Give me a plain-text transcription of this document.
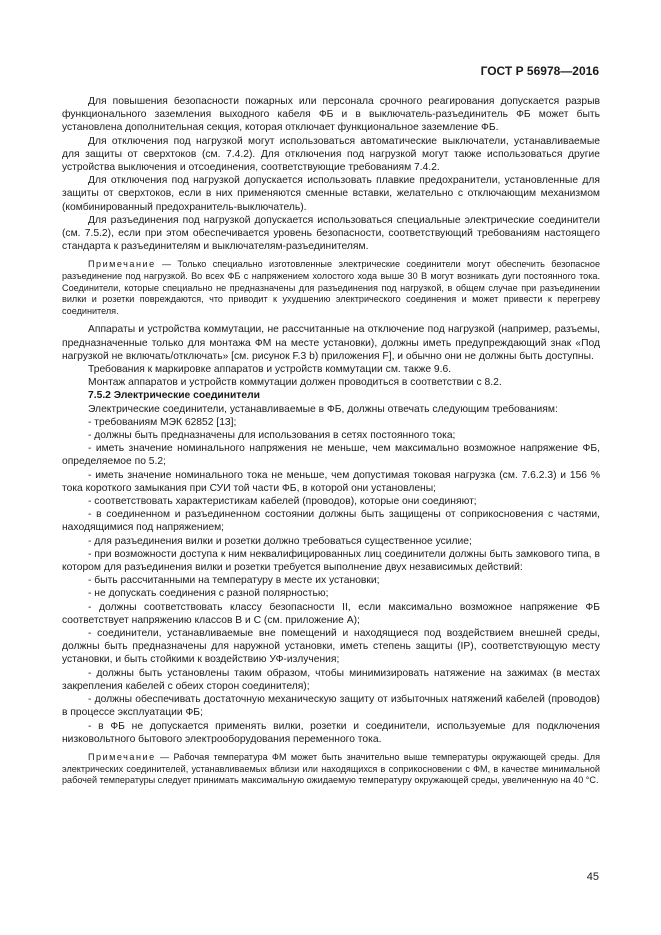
ГОСТ Р 56978—2016

Для повышения безопасности пожарных или персонала срочного реагирования допускается разрыв функционального заземления выходного кабеля ФБ и в выключатель-разъединитель ФБ может быть установлена дополнительная секция, которая отключает функциональное заземление ФБ.

Для отключения под нагрузкой могут использоваться автоматические выключатели, устанавливаемые для защиты от сверхтоков (см. 7.4.2). Для отключения под нагрузкой могут также использоваться другие устройства выключения и отсоединения, соответствующие требованиям 7.4.2.

Для отключения под нагрузкой допускается использовать плавкие предохранители, установленные для защиты от сверхтоков, если в них применяются сменные вставки, желательно с отключающим механизмом (комбинированный предохранитель-выключатель).

Для разъединения под нагрузкой допускается использоваться специальные электрические соединители (см. 7.5.2), если при этом обеспечивается уровень безопасности, соответствующий требованиям настоящего стандарта к разъединителям и выключателям-разъединителям.

Примечание — Только специально изготовленные электрические соединители могут обеспечить безопасное разъединение под нагрузкой. Во всех ФБ с напряжением холостого хода выше 30 В могут возникать дуги постоянного тока. Соединители, которые специально не предназначены для разъединения под нагрузкой, в общем случае при разъединении вилки и розетки повреждаются, что приводит к ухудшению электрического соединения и может привести к перегреву соединителя.

Аппараты и устройства коммутации, не рассчитанные на отключение под нагрузкой (например, разъемы, предназначенные только для монтажа ФМ на месте установки), должны иметь предупреждающий знак «Под нагрузкой не включать/отключать» [см. рисунок F.3 b) приложения F], и обычно они не должны быть доступны.

Требования к маркировке аппаратов и устройств коммутации см. также 9.6.

Монтаж аппаратов и устройств коммутации должен проводиться в соответствии с 8.2.

7.5.2 Электрические соединители

Электрические соединители, устанавливаемые в ФБ, должны отвечать следующим требованиям:

- требованиям МЭК 62852 [13];

- должны быть предназначены для использования в сетях постоянного тока;

- иметь значение номинального напряжения не меньше, чем максимально возможное напряжение ФБ, определяемое по 5.2;

- иметь значение номинального тока не меньше, чем допустимая токовая нагрузка (см. 7.6.2.3) и 156 % тока короткого замыкания при СУИ той части ФБ, в которой они установлены;

- соответствовать характеристикам кабелей (проводов), которые они соединяют;

- в соединенном и разъединенном состоянии должны быть защищены от соприкосновения с частями, находящимися под напряжением;

- для разъединения вилки и розетки должно требоваться существенное усилие;

- при возможности доступа к ним неквалифицированных лиц соединители должны быть замкового типа, в котором для разъединения вилки и розетки требуется выполнение двух независимых действий:

- быть рассчитанными на температуру в месте их установки;

- не допускать соединения с разной полярностью;

- должны соответствовать классу безопасности II, если максимально возможное напряжение ФБ соответствует напряжению классов В и С (см. приложение А);

- соединители, устанавливаемые вне помещений и находящиеся под воздействием внешней среды, должны быть предназначены для наружной установки, иметь степень защиты (IP), соответствующую месту установки, и быть стойкими к воздействию УФ-излучения;

- должны быть установлены таким образом, чтобы минимизировать натяжение на зажимах (в местах закрепления кабелей с обеих сторон соединителя);

- должны обеспечивать достаточную механическую защиту от избыточных натяжений кабелей (проводов) в процессе эксплуатации ФБ;

- в ФБ не допускается применять вилки, розетки и соединители, используемые для подключения низковольтного бытового электрооборудования переменного тока.

Примечание — Рабочая температура ФМ может быть значительно выше температуры окружающей среды. Для электрических соединителей, устанавливаемых вблизи или находящихся в соприкосновении с ФМ, в качестве минимальной рабочей температуры следует принимать максимальную ожидаемую температуру окружающей среды, увеличенную на 40 °С.

45
